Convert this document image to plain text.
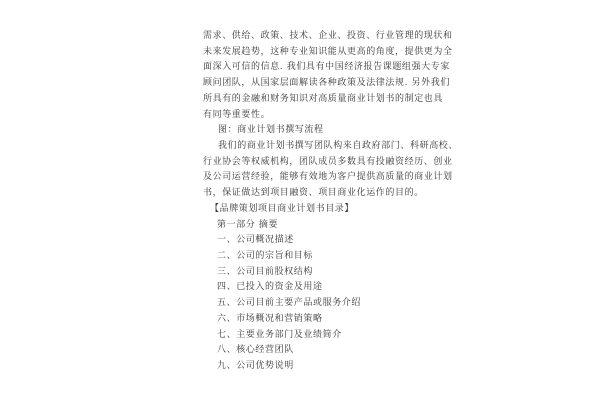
需求、供给、政策、技术、企业、投资、行业管理的现状和
未来发展趋势，这种专业知识能从更高的角度，提供更为全
面深入可信的信息. 我们具有中国经济报告课题组强大专家
顾问团队，从国家层面解读各种政策及法律法规. 另外我们
所具有的金融和财务知识对高质量商业计划书的制定也具
有同等重要性。
图：商业计划书撰写流程
我们的商业计划书撰写团队构来自政府部门、科研高校、
行业协会等权威机构，团队成员多数具有投融资经历、创业
及公司运营经验，能够有效地为客户提供高质量的商业计划
书，保证做达到项目融资、项目商业化运作的目的。
【品牌策划项目商业计划书目录】
第一部分 摘要
一、公司概况描述
二、公司的宗旨和目标
三、公司目前股权结构
四、已投入的资金及用途
五、公司目前主要产品或服务介绍
六、市场概况和营销策略
七、主要业务部门及业绩简介
八、核心经营团队
九、公司优势说明
